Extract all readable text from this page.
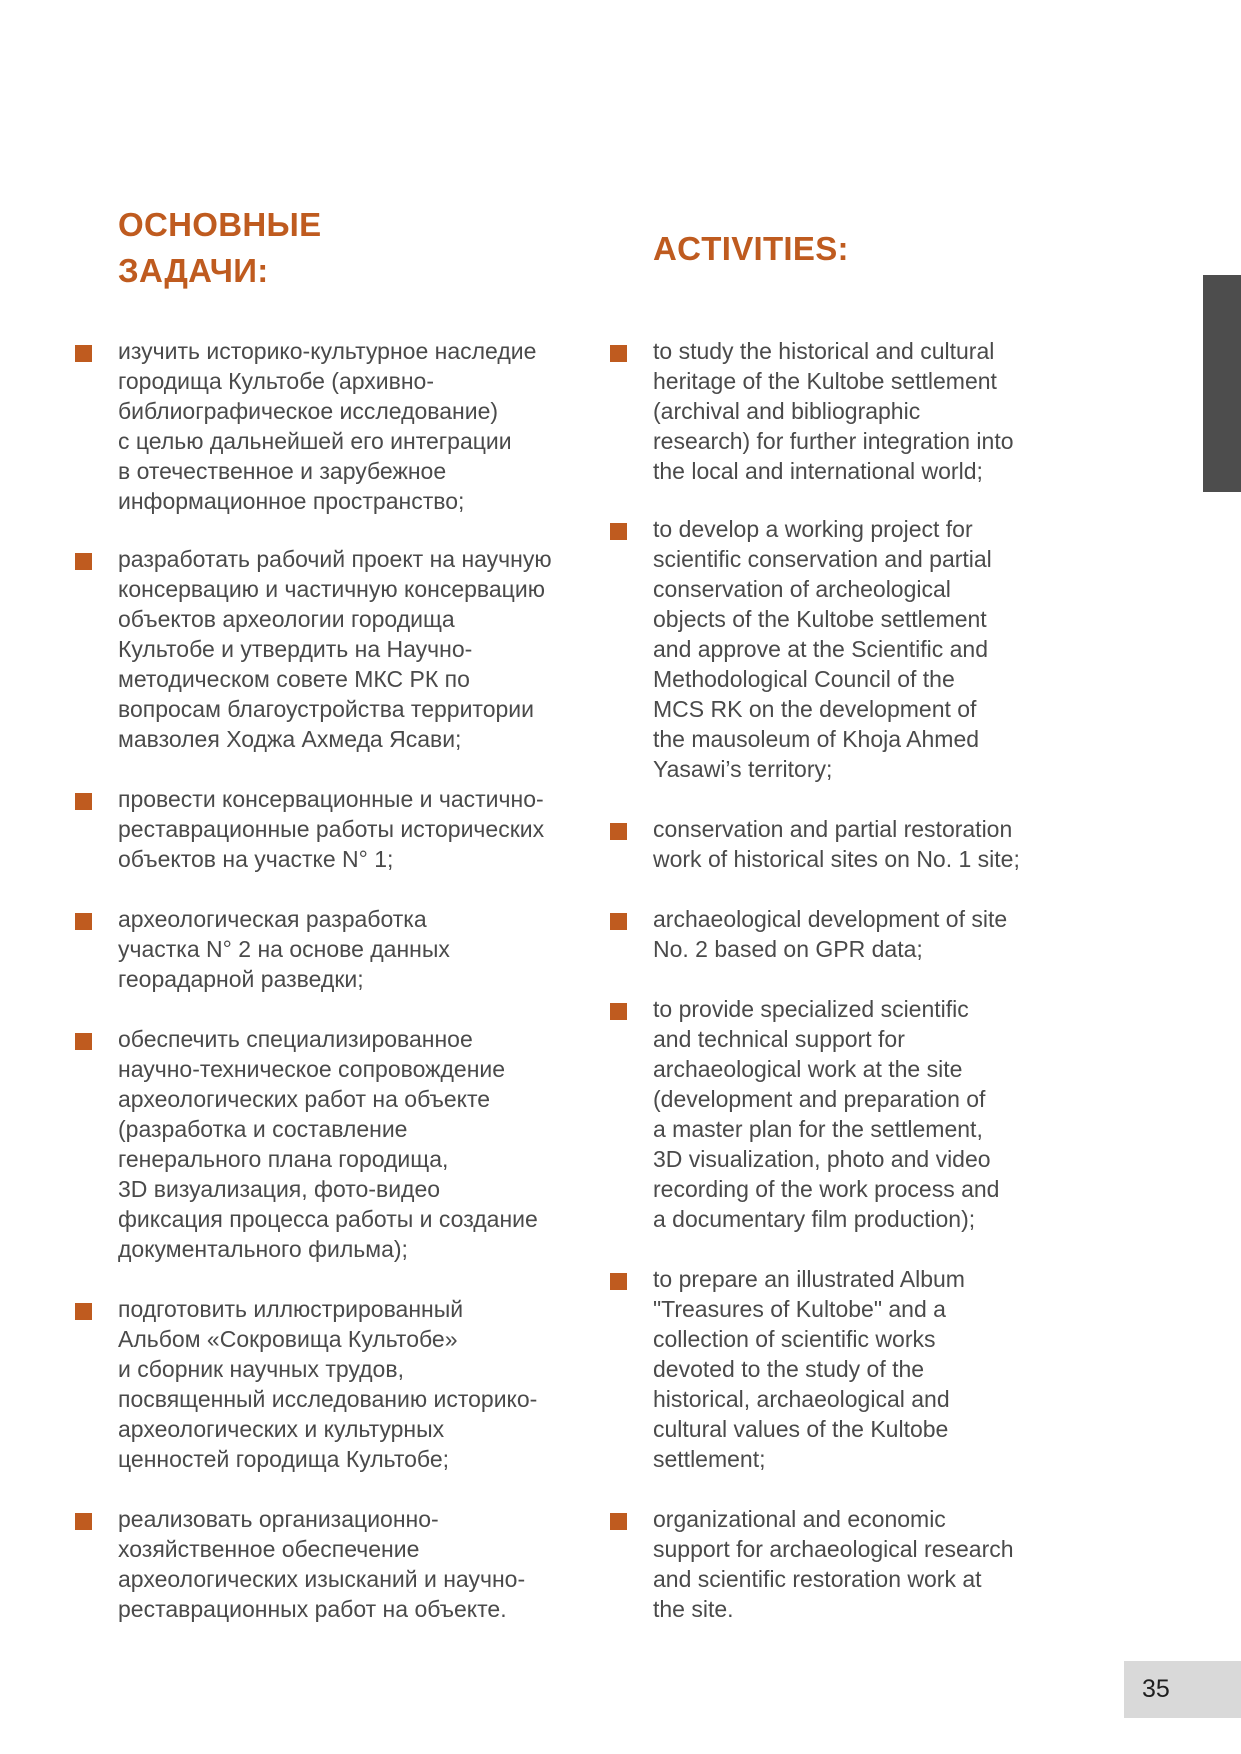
ОСНОВНЫЕ
ЗАДАЧИ:
изучить историко-культурное наследие
городища Культобе (архивно-
библиографическое исследование)
с целью дальнейшей его интеграции
в отечественное и зарубежное
информационное пространство;
разработать рабочий проект на научную
консервацию и частичную консервацию
объектов археологии городища
Культобе и утвердить на Научно-
методическом совете МКС РК по
вопросам благоустройства территории
мавзолея Ходжа Ахмеда Ясави;
провести консервационные и частично-
реставрационные работы исторических
объектов на участке N° 1;
археологическая разработка
участка N° 2 на основе данных
георадарной разведки;
обеспечить специализированное
научно-техническое сопровождение
археологических работ на объекте
(разработка и составление
генерального плана городища,
3D визуализация, фото-видео
фиксация процесса работы и создание
документального фильма);
подготовить иллюстрированный
Альбом «Сокровища Культобе»
и сборник научных трудов,
посвященный исследованию историко-
археологических и культурных
ценностей городища Культобе;
реализовать организационно-
хозяйственное обеспечение
археологических изысканий и научно-
реставрационных работ на объекте.
ACTIVITIES:
to study the historical and cultural
heritage of the Kultobe settlement
(archival and bibliographic
research) for further integration into
the local and international world;
to develop a working project for
scientific conservation and partial
conservation of archeological
objects of the Kultobe settlement
and approve at the Scientific and
Methodological Council of the
MCS RK on the development of
the mausoleum of Khoja Ahmed
Yasawi’s territory;
conservation and partial restoration
work of historical sites on No. 1 site;
archaeological development of site
No. 2 based on GPR data;
to provide specialized scientific
and technical support for
archaeological work at the site
(development and preparation of
a master plan for the settlement,
3D visualization, photo and video
recording of the work process and
a documentary film production);
to prepare an illustrated Album
"Treasures of Kultobe" and a
collection of scientific works
devoted to the study of the
historical, archaeological and
cultural values of the Kultobe
settlement;
organizational and economic
support for archaeological research
and scientific restoration work at
the site.
35
